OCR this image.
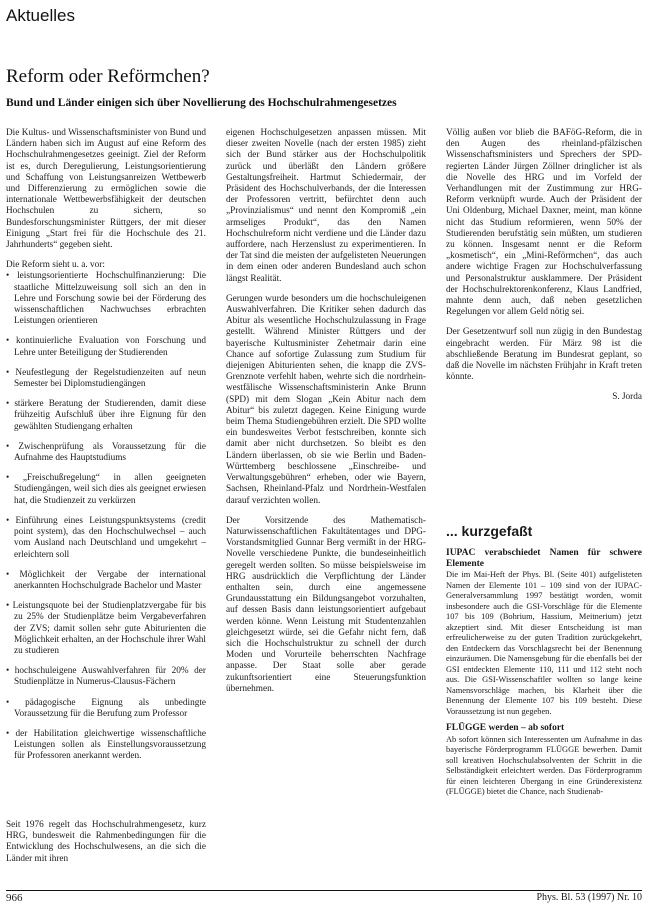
Aktuelles
Reform oder Reförmchen?
Bund und Länder einigen sich über Novellierung des Hochschulrahmengesetzes

Die Kultus- und Wissenschaftsminister von Bund und Ländern haben sich im August auf eine Reform des Hochschulrahmengesetzes geeinigt. Ziel der Reform ist es, durch Deregulierung, Leistungsorientierung und Schaffung von Leistungsanreizen Wettbewerb und Differenzierung zu ermöglichen sowie die internationale Wettbewerbsfähigkeit der deutschen Hochschulen zu sichern, so Bundesforschungsminister Rüttgers, der mit dieser Einigung „Start frei für die Hochschule des 21. Jahrhunderts“ gegeben sieht.

Die Reform sieht u. a. vor:

• leistungsorientierte Hochschulfinanzierung: Die staatliche Mittelzuweisung soll sich an den in Lehre und Forschung sowie bei der Förderung des wissenschaftlichen Nachwuchses erbrachten Leistungen orientieren

• kontinuierliche Evaluation von Forschung und Lehre unter Beteiligung der Studierenden

• Neufestlegung der Regelstudienzeiten auf neun Semester bei Diplomstudiengängen

• stärkere Beratung der Studierenden, damit diese frühzeitig Aufschluß über ihre Eignung für den gewählten Studiengang erhalten

• Zwischenprüfung als Voraussetzung für die Aufnahme des Hauptstudiums

• „Freischußregelung“ in allen geeigneten Studiengängen, weil sich dies als geeignet erwiesen hat, die Studienzeit zu verkürzen

• Einführung eines Leistungspunktsystems (credit point system), das den Hochschulwechsel – auch vom Ausland nach Deutschland und umgekehrt – erleichtern soll

• Möglichkeit der Vergabe der international anerkannten Hochschulgrade Bachelor und Master

• Leistungsquote bei der Studienplatzvergabe für bis zu 25% der Studienplätze beim Vergabeverfahren der ZVS; damit sollen sehr gute Abiturienten die Möglichkeit erhalten, an der Hochschule ihrer Wahl zu studieren

• hochschuleigene Auswahlverfahren für 20% der Studienplätze in Numerus-Clausus-Fächern

• pädagogische Eignung als unbedingte Voraussetzung für die Berufung zum Professor

• der Habilitation gleichwertige wissenschaftliche Leistungen sollen als Einstellungsvoraussetzung für Professoren anerkannt werden.

Seit 1976 regelt das Hochschulrahmengesetz, kurz HRG, bundesweit die Rahmenbedingungen für die Entwicklung des Hochschulwesens, an die sich die Länder mit ihren

eigenen Hochschulgesetzen anpassen müssen. Mit dieser zweiten Novelle (nach der ersten 1985) zieht sich der Bund stärker aus der Hochschulpolitik zurück und überläßt den Ländern größere Gestaltungsfreiheit. Hartmut Schiedermair, der Präsident des Hochschulverbands, der die Interessen der Professoren vertritt, befürchtet denn auch „Provinzialismus“ und nennt den Kompromiß „ein armseliges Produkt“, das den Namen Hochschulreform nicht verdiene und die Länder dazu auffordere, nach Herzenslust zu experimentieren. In der Tat sind die meisten der aufgelisteten Neuerungen in dem einen oder anderen Bundesland auch schon längst Realität.

Gerungen wurde besonders um die hochschuleigenen Auswahlverfahren. Die Kritiker sehen dadurch das Abitur als wesentliche Hochschulzulassung in Frage gestellt. Während Minister Rüttgers und der bayerische Kultusminister Zehetmair darin eine Chance auf sofortige Zulassung zum Studium für diejenigen Abiturienten sehen, die knapp die ZVS-Grenznote verfehlt haben, wehrte sich die nordrhein-westfälische Wissenschaftsministerin Anke Brunn (SPD) mit dem Slogan „Kein Abitur nach dem Abitur“ bis zuletzt dagegen. Keine Einigung wurde beim Thema Studiengebühren erzielt. Die SPD wollte ein bundesweites Verbot festschreiben, konnte sich damit aber nicht durchsetzen. So bleibt es den Ländern überlassen, ob sie wie Berlin und Baden-Württemberg beschlossene „Einschreibe- und Verwaltungsgebühren“ erheben, oder wie Bayern, Sachsen, Rheinland-Pfalz und Nordrhein-Westfalen darauf verzichten wollen.

Der Vorsitzende des Mathematisch-Naturwissenschaftlichen Fakultätentages und DPG-Vorstandsmitglied Gunnar Berg vermißt in der HRG-Novelle verschiedene Punkte, die bundeseinheitlich geregelt werden sollten. So müsse beispielsweise im HRG ausdrücklich die Verpflichtung der Länder enthalten sein, durch eine angemessene Grundausstattung ein Bildungsangebot vorzuhalten, auf dessen Basis dann leistungsorientiert aufgebaut werden könne. Wenn Leistung mit Studentenzahlen gleichgesetzt würde, sei die Gefahr nicht fern, daß sich die Hochschulstruktur zu schnell der durch Moden und Vorurteile beherrschten Nachfrage anpasse. Der Staat solle aber gerade zukunftsorientiert eine Steuerungsfunktion übernehmen.

Völlig außen vor blieb die BAFöG-Reform, die in den Augen des rheinland-pfälzischen Wissenschaftsministers und Sprechers der SPD-regierten Länder Jürgen Zöllner dringlicher ist als die Novelle des HRG und im Vorfeld der Verhandlungen mit der Zustimmung zur HRG-Reform verknüpft wurde. Auch der Präsident der Uni Oldenburg, Michael Daxner, meint, man könne nicht das Studium reformieren, wenn 50% der Studierenden berufstätig sein müßten, um studieren zu können. Insgesamt nennt er die Reform „kosmetisch“, ein „Mini-Reförmchen“, das auch andere wichtige Fragen zur Hochschulverfassung und Personalstruktur ausklammere. Der Präsident der Hochschulrektorenkonferenz, Klaus Landfried, mahnte denn auch, daß neben gesetzlichen Regelungen vor allem Geld nötig sei.

Der Gesetzentwurf soll nun zügig in den Bundestag eingebracht werden. Für März 98 ist die abschließende Beratung im Bundesrat geplant, so daß die Novelle im nächsten Frühjahr in Kraft treten könnte.

S. Jorda

... kurzgefaßt

IUPAC verabschiedet Namen für schwere Elemente

Die im Mai-Heft der Phys. Bl. (Seite 401) aufgelisteten Namen der Elemente 101 – 109 sind von der IUPAC-Generalversammlung 1997 bestätigt worden, womit insbesondere auch die GSI-Vorschläge für die Elemente 107 bis 109 (Bohrium, Hassium, Meitnerium) jetzt akzeptiert sind. Mit dieser Entscheidung ist man erfreulicherweise zu der guten Tradition zurückgekehrt, den Entdeckern das Vorschlagsrecht bei der Benennung einzuräumen. Die Namensgebung für die ebenfalls bei der GSI entdeckten Elemente 110, 111 und 112 steht noch aus. Die GSI-Wissenschaftler wollten so lange keine Namensvorschläge machen, bis Klarheit über die Benennung der Elemente 107 bis 109 besteht. Diese Voraussetzung ist nun gegeben.

FLÜGGE werden – ab sofort

Ab sofort können sich Interessenten um Aufnahme in das bayerische Förderprogramm FLÜGGE bewerben. Damit soll kreativen Hochschulabsolventen der Schritt in die Selbständigkeit erleichtert werden. Das Förderprogramm für einen leichteren Übergang in eine Gründerexistenz (FLÜGGE) bietet die Chance, nach Studienab-

966	Phys. Bl. 53 (1997) Nr. 10
